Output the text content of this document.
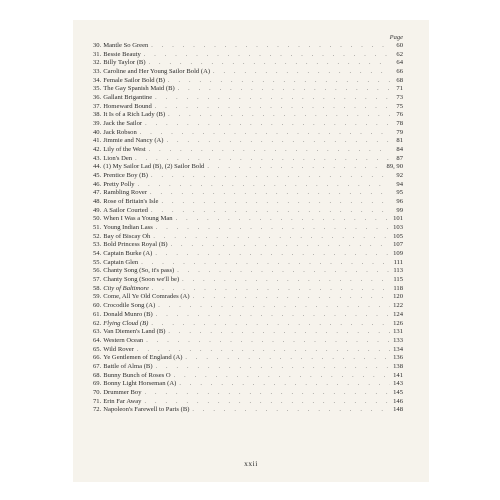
Page
30. Mantle So Green .....	60
31. Bessie Beauty .....	62
32. Billy Taylor (B) .....	64
33. Caroline and Her Young Sailor Bold (A) .....	66
34. Female Sailor Bold (B) .....	68
35. The Gay Spanish Maid (B) .....	71
36. Gallant Brigantine .....	73
37. Homeward Bound .....	75
38. It Is of a Rich Lady (B) .....	76
39. Jack the Sailor .....	78
40. Jack Robson .....	79
41. Jimmie and Nancy (A) .....	81
42. Lily of the West .....	84
43. Lion's Den .....	87
44. (1) My Sailor Lad (B), (2) Sailor Bold .....	89, 90
45. Prentice Boy (B) .....	92
46. Pretty Polly .....	94
47. Rambling Rover .....	95
48. Rose of Britain's Isle .....	96
49. A Sailor Courted .....	99
50. When I Was a Young Man .....	101
51. Young Indian Lass .....	103
52. Bay of Biscay Oh .....	105
53. Bold Princess Royal (B) .....	107
54. Captain Burke (A) .....	109
55. Captain Glen .....	111
56. Chanty Song (So, it's pass) .....	113
57. Chanty Song (Soon we'll be) .....	115
58. City of Baltimore .....	118
59. Come, All Ye Old Comrades (A) .....	120
60. Crocodile Song (A) .....	122
61. Donald Munro (B) .....	124
62. Flying Cloud (B) .....	126
63. Van Diemen's Land (B) .....	131
64. Western Ocean .....	133
65. Wild Rover .....	134
66. Ye Gentlemen of England (A) .....	136
67. Battle of Alma (B) .....	138
68. Bunny Bunch of Roses O .....	141
69. Bonny Light Horseman (A) .....	143
70. Drummer Boy .....	145
71. Erin Far Away .....	146
72. Napoleon's Farewell to Paris (B) .....	148
xxii
